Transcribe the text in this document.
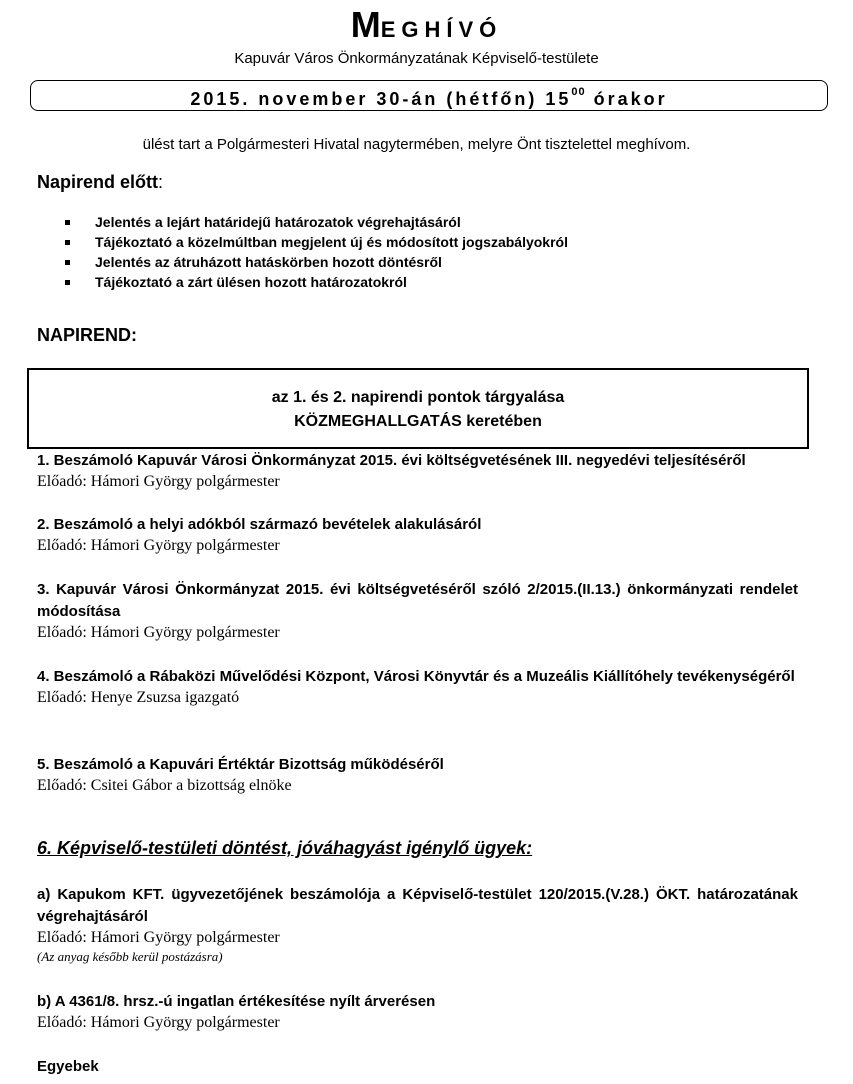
MEGHÍVÓ
Kapuvár Város Önkormányzatának Képviselő-testülete
2015. november 30-án (hétfőn) $15^{00}$ órakor
ülést tart a Polgármesteri Hivatal nagytermében, melyre Önt tisztelettel meghívom.
Napirend előtt:
Jelentés a lejárt határidejű határozatok végrehajtásáról
Tájékoztató a közelmúltban megjelent új és módosított jogszabályokról
Jelentés az átruházott hatáskörben hozott döntésről
Tájékoztató a zárt ülésen hozott határozatokról
NAPIREND:
az 1. és 2. napirendi pontok tárgyalása
KÖZMEGHALLGATÁS keretében
1. Beszámoló Kapuvár Városi Önkormányzat 2015. évi költségvetésének III. negyedévi teljesítéséről
Előadó: Hámori György polgármester
2. Beszámoló a helyi adókból származó bevételek alakulásáról
Előadó: Hámori György polgármester
3. Kapuvár Városi Önkormányzat 2015. évi költségvetéséről szóló 2/2015.(II.13.) önkormányzati rendelet módosítása
Előadó: Hámori György polgármester
4. Beszámoló a Rábaközi Művelődési Központ, Városi Könyvtár és a Muzeális Kiállítóhely tevékenységéről
Előadó: Henye Zsuzsa igazgató
5. Beszámoló a Kapuvári Értéktár Bizottság működéséről
Előadó: Csitei Gábor a bizottság elnöke
6. Képviselő-testületi döntést, jóváhagyást igénylő ügyek:
a) Kapukom KFT. ügyvezetőjének beszámolója a Képviselő-testület 120/2015.(V.28.) ÖKT. határozatának végrehajtásáról
Előadó: Hámori György polgármester
(Az anyag később kerül postázásra)
b) A 4361/8. hrsz.-ú ingatlan értékesítése nyílt árverésen
Előadó: Hámori György polgármester
Egyebek
